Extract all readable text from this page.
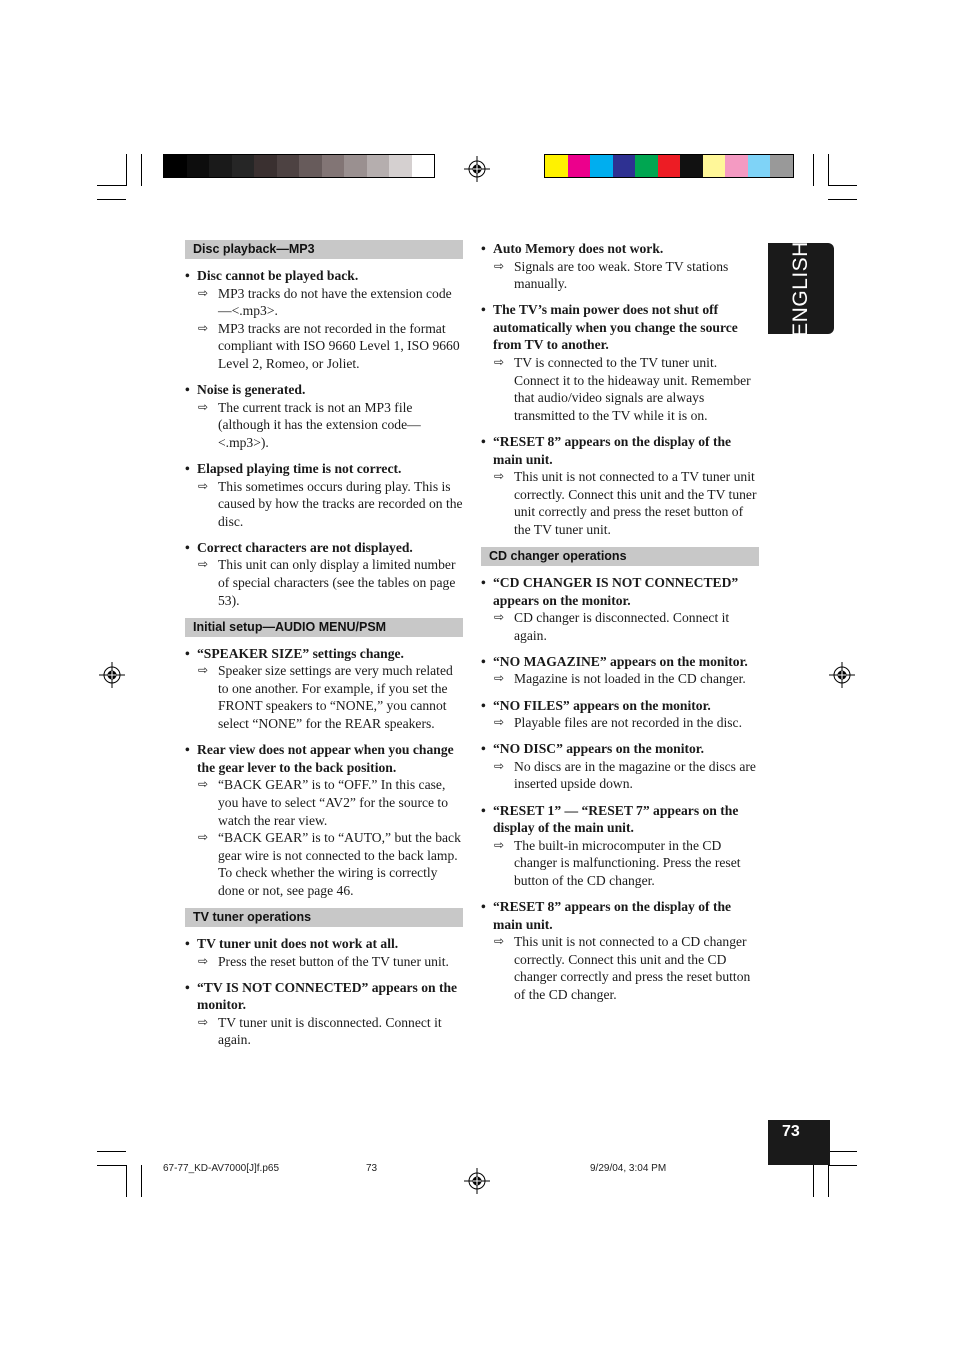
ENGLISH
Disc playback—MP3
• Disc cannot be played back.
⇨ MP3 tracks do not have the extension code—<.mp3>.
⇨ MP3 tracks are not recorded in the format compliant with ISO 9660 Level 1, ISO 9660 Level 2, Romeo, or Joliet.
• Noise is generated.
⇨ The current track is not an MP3 file (although it has the extension code—<.mp3>).
• Elapsed playing time is not correct.
⇨ This sometimes occurs during play. This is caused by how the tracks are recorded on the disc.
• Correct characters are not displayed.
⇨ This unit can only display a limited number of special characters (see the tables on page 53).
Initial setup—AUDIO MENU/PSM
• “SPEAKER SIZE” settings change.
⇨ Speaker size settings are very much related to one another. For example, if you set the FRONT speakers to “NONE,” you cannot select “NONE” for the REAR speakers.
• Rear view does not appear when you change the gear lever to the back position.
⇨ “BACK GEAR” is to “OFF.” In this case, you have to select “AV2” for the source to watch the rear view.
⇨ “BACK GEAR” is to “AUTO,” but the back gear wire is not connected to the back lamp. To check whether the wiring is correctly done or not, see page 46.
TV tuner operations
• TV tuner unit does not work at all.
⇨ Press the reset button of the TV tuner unit.
• “TV IS NOT CONNECTED” appears on the monitor.
⇨ TV tuner unit is disconnected. Connect it again.
• Auto Memory does not work.
⇨ Signals are too weak. Store TV stations manually.
• The TV’s main power does not shut off automatically when you change the source from TV to another.
⇨ TV is connected to the TV tuner unit. Connect it to the hideaway unit. Remember that audio/video signals are always transmitted to the TV while it is on.
• “RESET 8” appears on the display of the main unit.
⇨ This unit is not connected to a TV tuner unit correctly. Connect this unit and the TV tuner unit correctly and press the reset button of the TV tuner unit.
CD changer operations
• “CD CHANGER IS NOT CONNECTED” appears on the monitor.
⇨ CD changer is disconnected. Connect it again.
• “NO MAGAZINE” appears on the monitor.
⇨ Magazine is not loaded in the CD changer.
• “NO FILES” appears on the monitor.
⇨ Playable files are not recorded in the disc.
• “NO DISC” appears on the monitor.
⇨ No discs are in the magazine or the discs are inserted upside down.
• “RESET 1” — “RESET 7” appears on the display of the main unit.
⇨ The built-in microcomputer in the CD changer is malfunctioning. Press the reset button of the CD changer.
• “RESET 8” appears on the display of the main unit.
⇨ This unit is not connected to a CD changer correctly. Connect this unit and the CD changer correctly and press the reset button of the CD changer.
73
67-77_KD-AV7000[J]f.p65	73	9/29/04, 3:04 PM
